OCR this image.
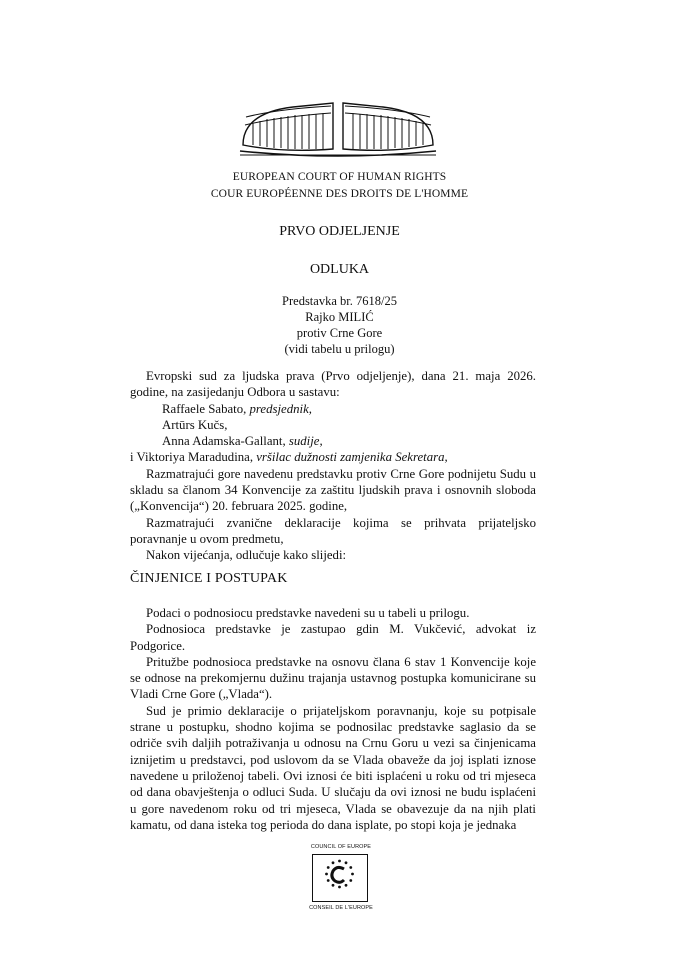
EUROPEAN COURT OF HUMAN RIGHTS
COUR EUROPÉENNE DES DROITS DE L'HOMME
PRVO ODJELJENJE
ODLUKA
Predstavka br. 7618/25
Rajko MILIĆ
protiv Crne Gore
(vidi tabelu u prilogu)

Evropski sud za ljudska prava (Prvo odjeljenje), dana 21. maja 2026. godine, na zasijedanju Odbora u sastavu:

Raffaele Sabato, predsjednik,

Artūrs Kučs,

Anna Adamska-Gallant, sudije,

i Viktoriya Maradudina, vršilac dužnosti zamjenika Sekretara,

Razmatrajući gore navedenu predstavku protiv Crne Gore podnijetu Sudu u skladu sa članom 34 Konvencije za zaštitu ljudskih prava i osnovnih sloboda („Konvencija“) 20. februara 2025. godine,

Razmatrajući zvanične deklaracije kojima se prihvata prijateljsko poravnanje u ovom predmetu,

Nakon vijećanja, odlučuje kako slijedi:

ČINJENICE I POSTUPAK

Podaci o podnosiocu predstavke navedeni su u tabeli u prilogu.

Podnosioca predstavke je zastupao gdin M. Vukčević, advokat iz Podgorice.

Pritužbe podnosioca predstavke na osnovu člana 6 stav 1 Konvencije koje se odnose na prekomjernu dužinu trajanja ustavnog postupka komunicirane su Vladi Crne Gore („Vlada“).

Sud je primio deklaracije o prijateljskom poravnanju, koje su potpisale strane u postupku, shodno kojima se podnosilac predstavke saglasio da se odriče svih daljih potraživanja u odnosu na Crnu Goru u vezi sa činjenicama iznijetim u predstavci, pod uslovom da se Vlada obaveže da joj isplati iznose navedene u priloženoj tabeli. Ovi iznosi će biti isplaćeni u roku od tri mjeseca od dana obavještenja o odluci Suda. U slučaju da ovi iznosi ne budu isplaćeni u gore navedenom roku od tri mjeseca, Vlada se obavezuje da na njih plati kamatu, od dana isteka tog perioda do dana isplate, po stopi koja je jednaka

COUNCIL OF EUROPE
CONSEIL DE L'EUROPE
